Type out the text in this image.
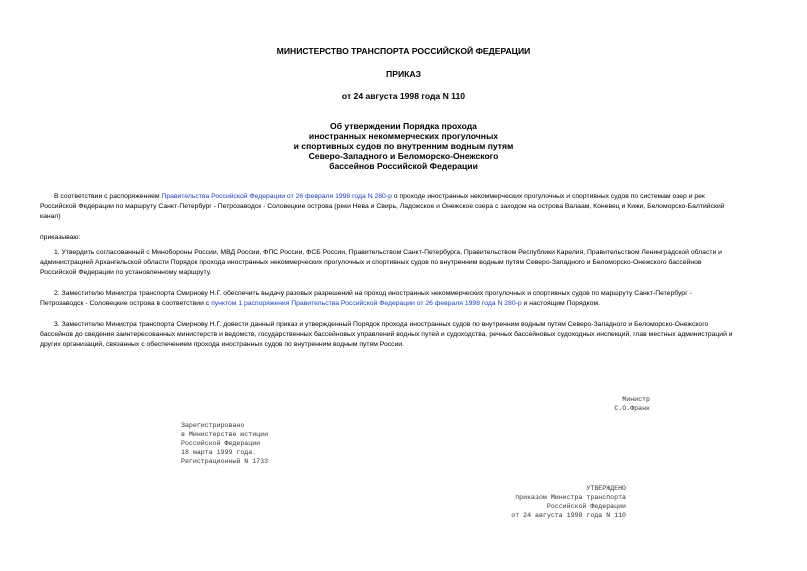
МИНИСТЕРСТВО ТРАНСПОРТА РОССИЙСКОЙ ФЕДЕРАЦИИ
ПРИКАЗ
от 24 августа 1998 года N 110
Об утверждении Порядка прохода
иностранных некоммерческих прогулочных
и спортивных судов по внутренним водным путям
Северо-Западного и Беломорско-Онежского
бассейнов Российской Федерации
В соответствии с распоряжением Правительства Российской Федерации от 26 февраля 1998 года N 280-р о проходе иностранных некоммерческих прогулочных и спортивных судов по системам озер и рек
Российской Федерации по маршруту Санкт-Петербург - Петрозаводск - Соловецкие острова (реки Нева и Свирь, Ладожское и Онежское озера с заходом на острова Валаам, Коневец и Кижи, Беломорско-Балтийский
канал)
приказываю:
1. Утвердить согласованный с Минобороны России, МВД России, ФПС России, ФСБ России, Правительством Санкт-Петербурга, Правительством Республики Карелия, Правительством Ленинградской области и
администрацией Архангельской области Порядок прохода иностранных некоммерческих прогулочных и спортивных судов по внутренним водным путям Северо-Западного и Беломорско-Онежского бассейнов
Российской Федерации по установленному маршруту.
2. Заместителю Министра транспорта Смирнову Н.Г. обеспечить выдачу разовых разрешений на проход иностранных некоммерческих прогулочных и спортивных судов по маршруту Санкт-Петербург -
Петрозаводск - Соловецкие острова в соответствии с пунктом 1 распоряжения Правительства Российской Федерации от 26 февраля 1998 года N 280-р и настоящим Порядком.
3. Заместителю Министра транспорта Смирнову Н.Г. довести данный приказ и утвержденный Порядок прохода иностранных судов по внутренним водным путям Северо-Западного и Беломорско-Онежского
бассейнов до сведения заинтересованных министерств и ведомств, государственных бассейновых управлений водных путей и судоходства, речных бассейновых судоходных инспекций, глав местных администраций и
других организаций, связанных с обеспечением прохода иностранных судов по внутренним водным путям России.
Министр
С.О.Франк
Зарегистрировано
в Министерстве юстиции
Российской Федерации
18 марта 1999 года.
Регистрационный N 1733
УТВЕРЖДЕНО
приказом Министра транспорта
Российской Федерации
от 24 августа 1998 года N 110
